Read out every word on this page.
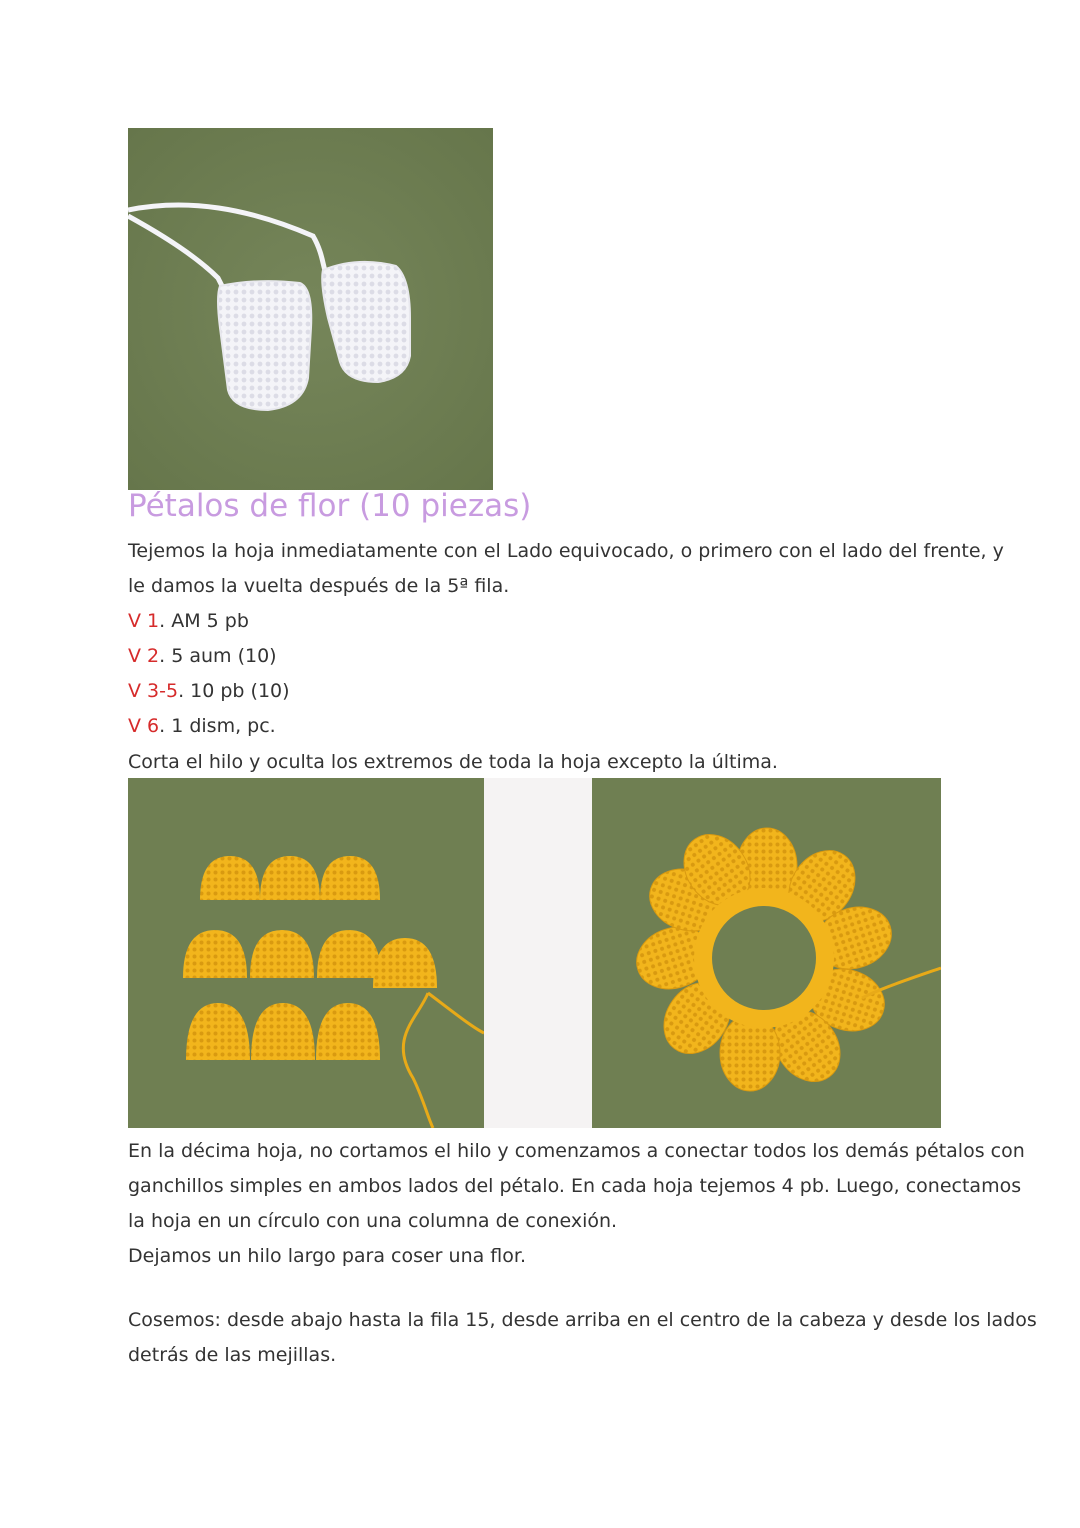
Pétalos de flor (10 piezas)

Tejemos la hoja inmediatamente con el Lado equivocado, o primero con el lado del frente, y

le damos la vuelta después de la 5ª fila.

V 1. AM 5 pb

V 2. 5 aum (10)

V 3-5. 10 pb (10)

V 6. 1 dism, pc.

Corta el hilo y oculta los extremos de toda la hoja excepto la última.

En la décima hoja, no cortamos el hilo y comenzamos a conectar todos los demás pétalos con

ganchillos simples en ambos lados del pétalo. En cada hoja tejemos 4 pb. Luego, conectamos

la hoja en un círculo con una columna de conexión.

Dejamos un hilo largo para coser una flor.

Cosemos: desde abajo hasta la fila 15, desde arriba en el centro de la cabeza y desde los lados

detrás de las mejillas.
